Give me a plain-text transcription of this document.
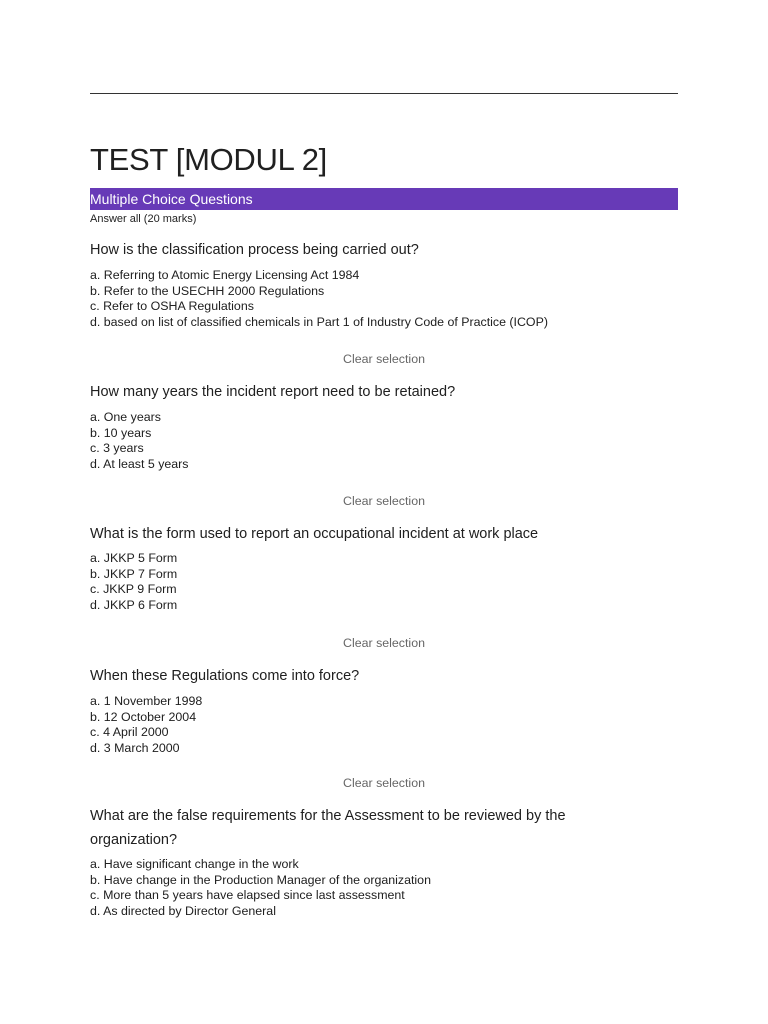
TEST [MODUL 2]
Multiple Choice Questions
Answer all (20 marks)

How is the classification process being carried out?

a. Referring to Atomic Energy Licensing Act 1984
b. Refer to the USECHH 2000 Regulations
c. Refer to OSHA Regulations
d. based on list of classified chemicals in Part 1 of Industry Code of Practice (ICOP)
Clear selection

How many years the incident report need to be retained?

a. One years
b. 10 years
c. 3 years
d. At least 5 years
Clear selection

What is the form used to report an occupational incident at work place

a. JKKP 5 Form
b. JKKP 7 Form
c. JKKP 9 Form
d. JKKP 6 Form
Clear selection

When these Regulations come into force?

a. 1 November 1998
b. 12 October 2004
c. 4 April 2000
d. 3 March 2000
Clear selection

What are the false requirements for the Assessment to be reviewed by the organization?

a. Have significant change in the work
b. Have change in the Production Manager of the organization
c. More than 5 years have elapsed since last assessment
d. As directed by Director General
